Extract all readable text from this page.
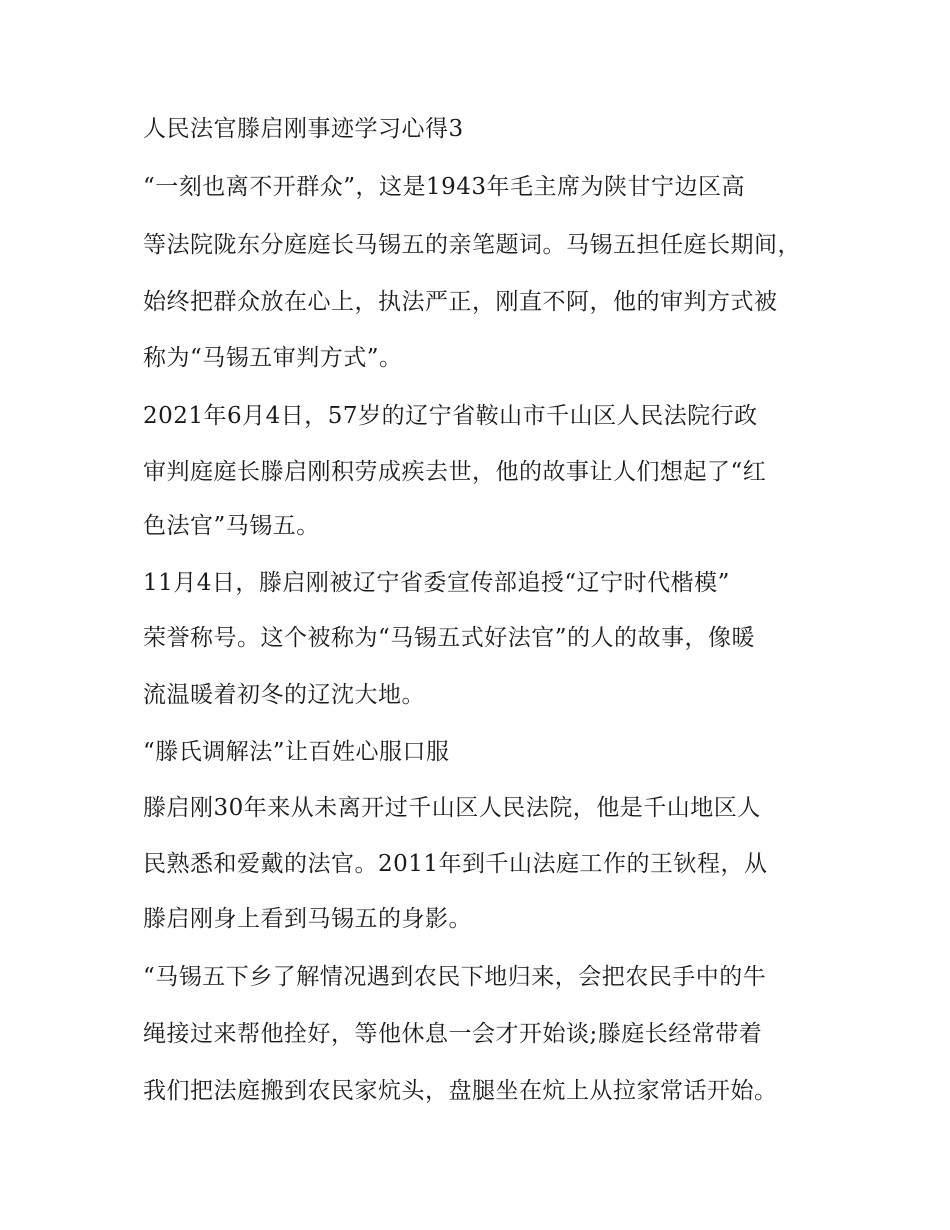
人民法官滕启刚事迹学习心得3
“一刻也离不开群众”，这是1943年毛主席为陕甘宁边区高
等法院陇东分庭庭长马锡五的亲笔题词。马锡五担任庭长期间，
始终把群众放在心上，执法严正，刚直不阿，他的审判方式被
称为“马锡五审判方式”。
2021年6月4日，57岁的辽宁省鞍山市千山区人民法院行政
审判庭庭长滕启刚积劳成疾去世，他的故事让人们想起了“红
色法官”马锡五。
11月4日，滕启刚被辽宁省委宣传部追授“辽宁时代楷模”
荣誉称号。这个被称为“马锡五式好法官”的人的故事，像暖
流温暖着初冬的辽沈大地。
“滕氏调解法”让百姓心服口服
滕启刚30年来从未离开过千山区人民法院，他是千山地区人
民熟悉和爱戴的法官。2011年到千山法庭工作的王钬程，从
滕启刚身上看到马锡五的身影。
“马锡五下乡了解情况遇到农民下地归来，会把农民手中的牛
绳接过来帮他拴好，等他休息一会才开始谈;滕庭长经常带着
我们把法庭搬到农民家炕头，盘腿坐在炕上从拉家常话开始。
